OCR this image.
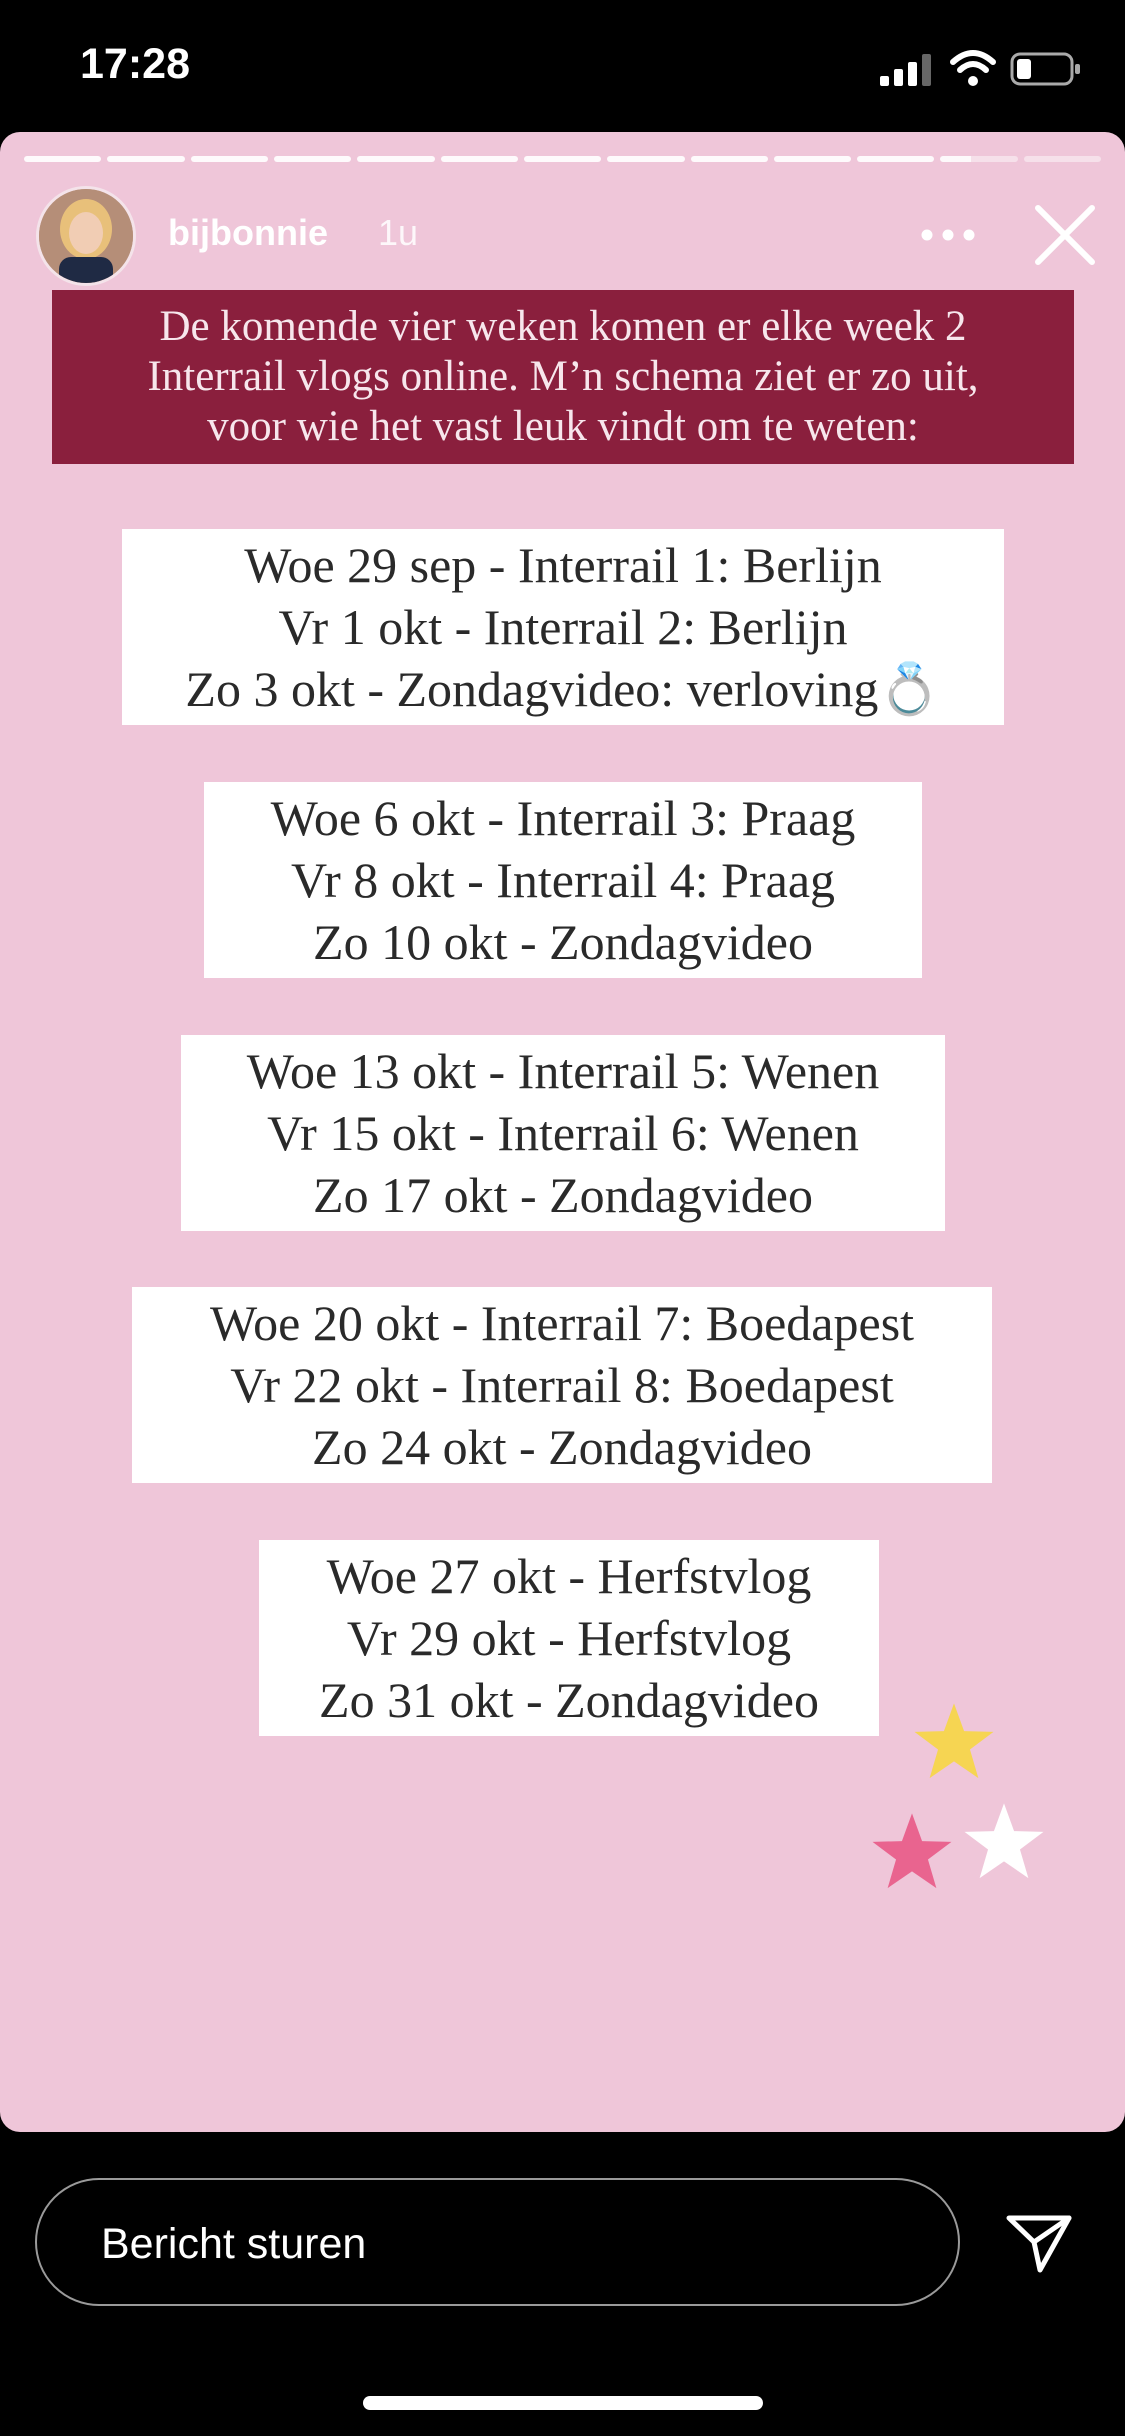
17:28
bijbonnie 1u
De komende vier weken komen er elke week 2
Interrail vlogs online. M’n schema ziet er zo uit,
voor wie het vast leuk vindt om te weten:
Woe 29 sep - Interrail 1: Berlijn
Vr 1 okt - Interrail 2: Berlijn
Zo 3 okt - Zondagvideo: verloving💍
Woe 6 okt - Interrail 3: Praag
Vr 8 okt - Interrail 4: Praag
Zo 10 okt - Zondagvideo
Woe 13 okt - Interrail 5: Wenen
Vr 15 okt - Interrail 6: Wenen
Zo 17 okt - Zondagvideo
Woe 20 okt - Interrail 7: Boedapest
Vr 22 okt - Interrail 8: Boedapest
Zo 24 okt - Zondagvideo
Woe 27 okt - Herfstvlog
Vr 29 okt - Herfstvlog
Zo 31 okt - Zondagvideo
Bericht sturen
